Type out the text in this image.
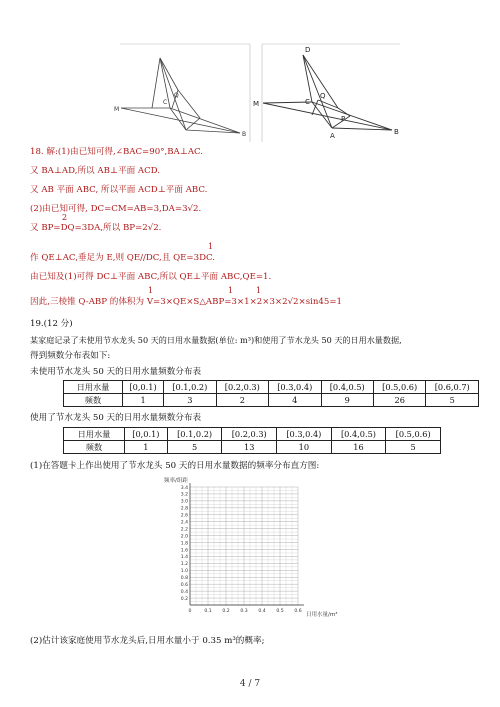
M
C
Q
B
D
M	C
Q
P
A	B
18. 解:(1)由已知可得,∠BAC=90°,BA⊥AC.
又 BA⊥AD,所以 AB⊥平面 ACD.
又 AB 平面 ABC, 所以平面 ACD⊥平面 ABC.
(2)由已知可得, DC=CM=AB=3,DA=3√2.
2
又 BP=DQ=3DA,所以 BP=2√2.
1
作 QE⊥AC,垂足为 E,则 QE//DC,且 QE=3DC.
由已知及(1)可得 DC⊥平面 ABC,所以 QE⊥平面 ABC,QE=1.
1	1	1
因此,三棱锥 Q-ABP 的体积为 V=3×QE×S△ABP=3×1×2×3×2√2×sin45=1
19.(12 分)
某家庭记录了未使用节水龙头 50 天的日用水量数据(单位: m³)和使用了节水龙头 50 天的日用水量数据,
得到频数分布表如下:
未使用节水龙头 50 天的日用水量频数分布表
日用水量	[0,0.1)	[0.1,0.2)	[0.2,0.3)	[0.3,0.4)	[0.4,0.5)	[0.5,0.6)	[0.6,0.7)
频数	1	3	2	4	9	26	5
使用了节水龙头 50 天的日用水量频数分布表
日用水量	[0,0.1)	[0.1,0.2)	[0.2,0.3)	[0.3,0.4)	[0.4,0.5)	[0.5,0.6)
频数	1	5	13	10	16	5
(1)在答题卡上作出使用了节水龙头 50 天的日用水量数据的频率分布直方图:
频率/组距
0.2
0.4
0.6
0.8
1.0
1.2
1.4
1.6
1.8
2.0
2.2
2.4
2.6
2.8
3.0
3.2
3.4
0	0.1 0.2 0.3 0.4 0.5 0.6
日用水量/m³
(2)估计该家庭使用节水龙头后,日用水量小于 0.35 m³的概率;
4 / 7
